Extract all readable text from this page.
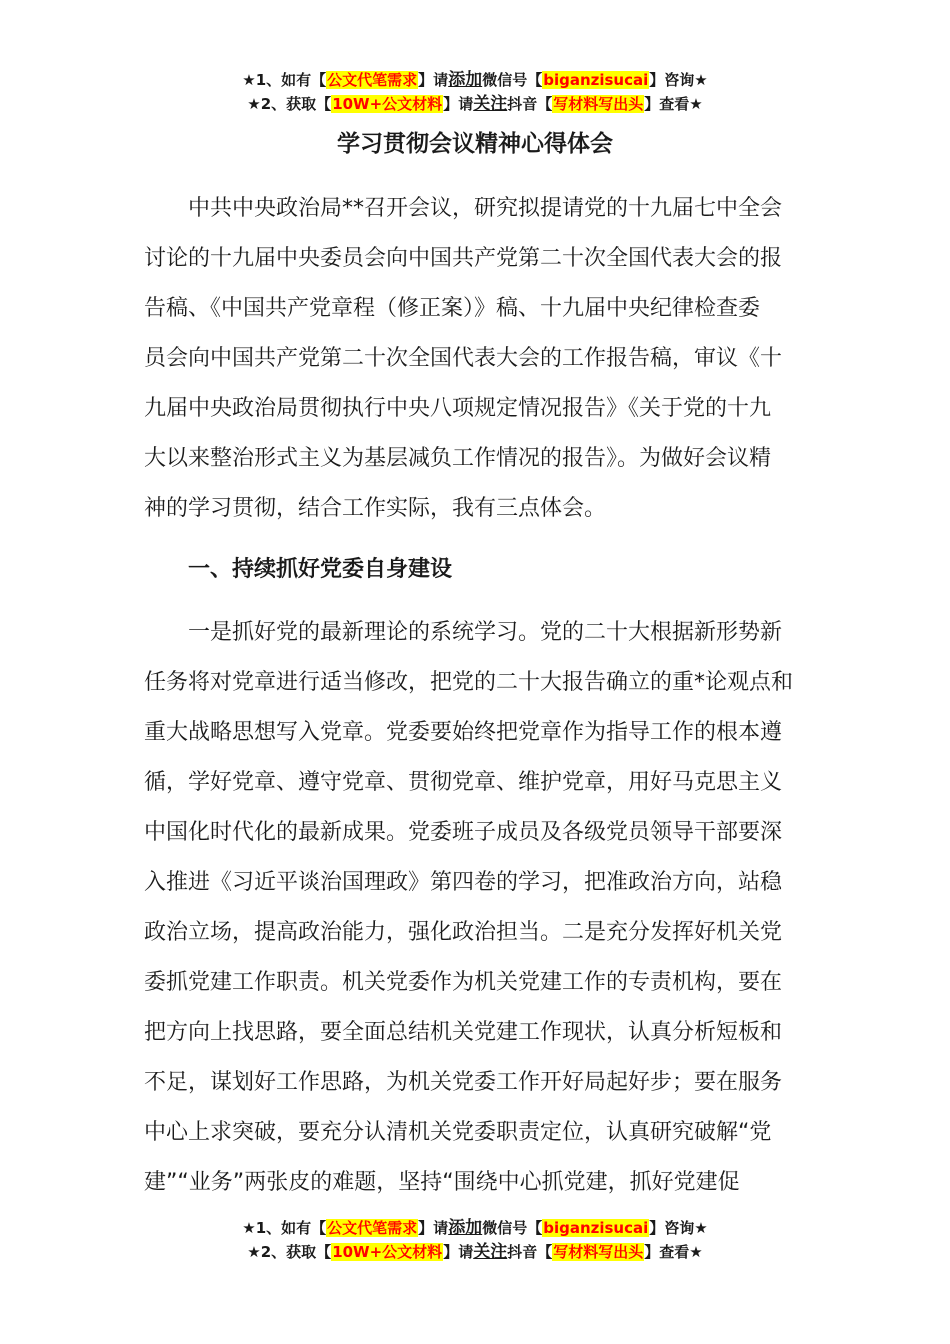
★1、如有【公文代笔需求】请添加微信号【biganzisucai】咨询★
★2、获取【10W+公文材料】请关注抖音【写材料写出头】查看★
学习贯彻会议精神心得体会
中共中央政治局**召开会议，研究拟提请党的十九届七中全会
讨论的十九届中央委员会向中国共产党第二十次全国代表大会的报
告稿、《中国共产党章程（修正案）》稿、十九届中央纪律检查委
员会向中国共产党第二十次全国代表大会的工作报告稿，审议《十
九届中央政治局贯彻执行中央八项规定情况报告》《关于党的十九
大以来整治形式主义为基层减负工作情况的报告》。为做好会议精
神的学习贯彻，结合工作实际，我有三点体会。
一、持续抓好党委自身建设
一是抓好党的最新理论的系统学习。党的二十大根据新形势新
任务将对党章进行适当修改，把党的二十大报告确立的重*论观点和
重大战略思想写入党章。党委要始终把党章作为指导工作的根本遵
循，学好党章、遵守党章、贯彻党章、维护党章，用好马克思主义
中国化时代化的最新成果。党委班子成员及各级党员领导干部要深
入推进《习近平谈治国理政》第四卷的学习，把准政治方向，站稳
政治立场，提高政治能力，强化政治担当。二是充分发挥好机关党
委抓党建工作职责。机关党委作为机关党建工作的专责机构，要在
把方向上找思路，要全面总结机关党建工作现状，认真分析短板和
不足，谋划好工作思路，为机关党委工作开好局起好步；要在服务
中心上求突破，要充分认清机关党委职责定位，认真研究破解“党
建”“业务”两张皮的难题，坚持“围绕中心抓党建，抓好党建促
★1、如有【公文代笔需求】请添加微信号【biganzisucai】咨询★
★2、获取【10W+公文材料】请关注抖音【写材料写出头】查看★
